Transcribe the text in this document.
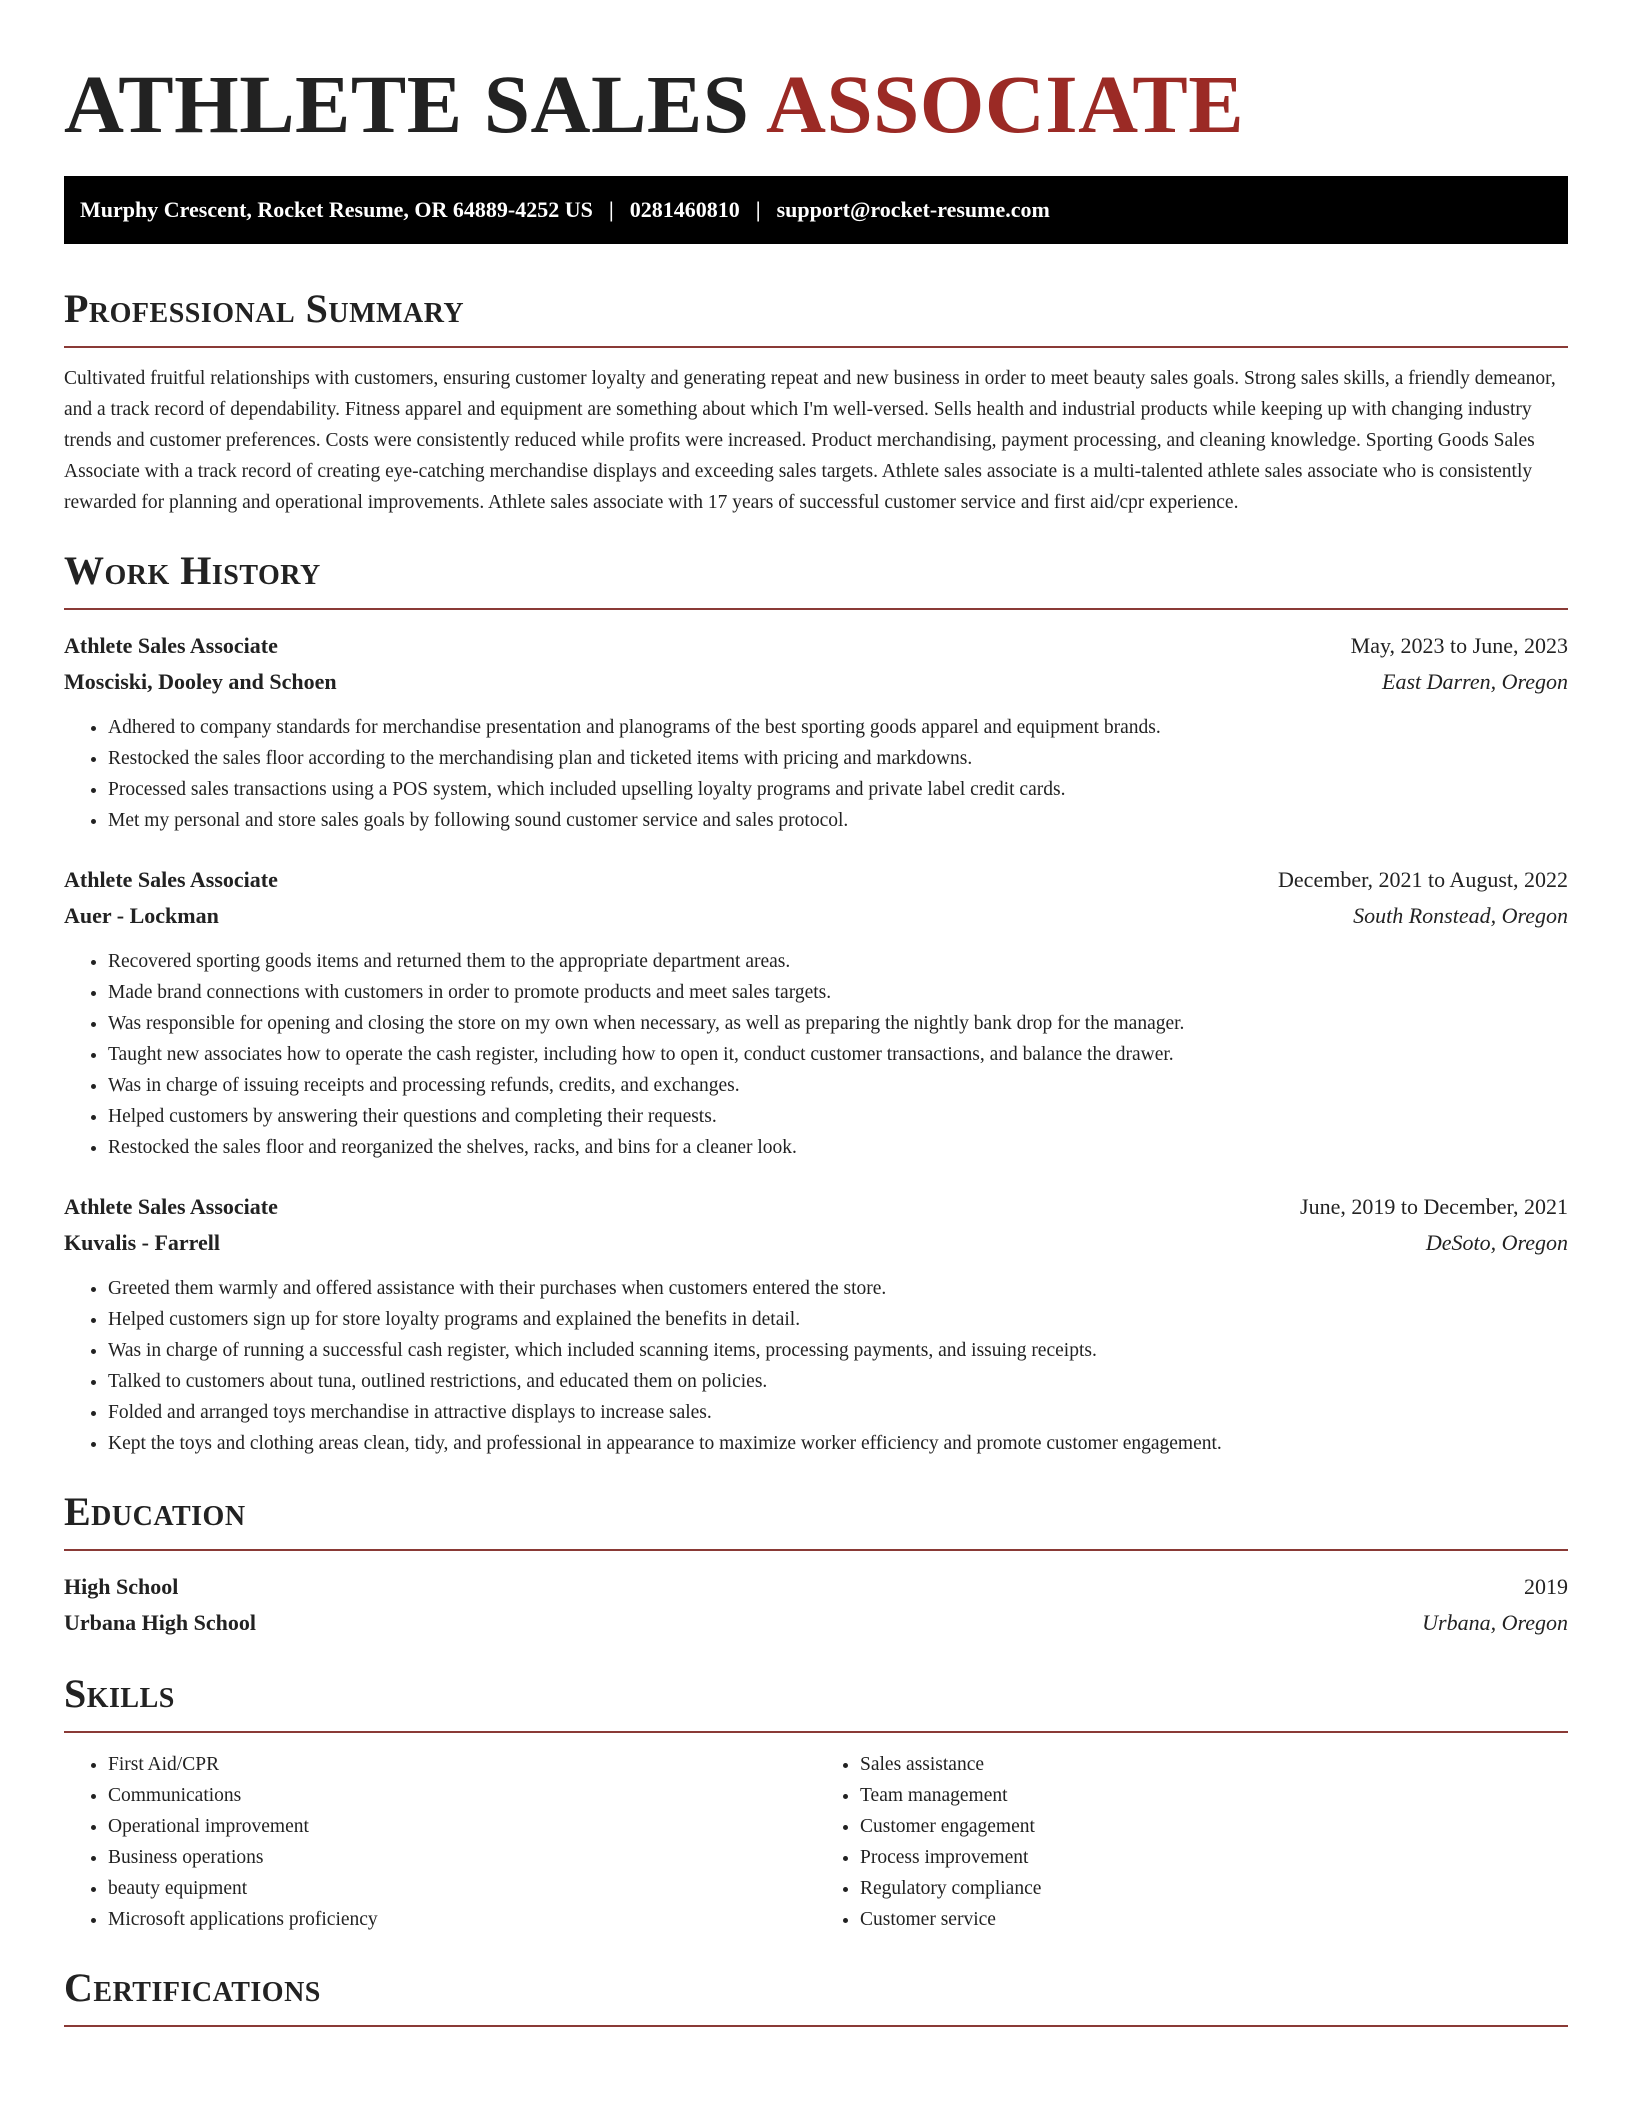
ATHLETE SALES ASSOCIATE
Murphy Crescent, Rocket Resume, OR 64889-4252 US | 0281460810 | support@rocket-resume.com
Professional Summary
Cultivated fruitful relationships with customers, ensuring customer loyalty and generating repeat and new business in order to meet beauty sales goals. Strong sales skills, a friendly demeanor, and a track record of dependability. Fitness apparel and equipment are something about which I'm well-versed. Sells health and industrial products while keeping up with changing industry trends and customer preferences. Costs were consistently reduced while profits were increased. Product merchandising, payment processing, and cleaning knowledge. Sporting Goods Sales Associate with a track record of creating eye-catching merchandise displays and exceeding sales targets. Athlete sales associate is a multi-talented athlete sales associate who is consistently rewarded for planning and operational improvements. Athlete sales associate with 17 years of successful customer service and first aid/cpr experience.
Work History
Athlete Sales Associate	May, 2023 to June, 2023
Mosciski, Dooley and Schoen	East Darren, Oregon
• Adhered to company standards for merchandise presentation and planograms of the best sporting goods apparel and equipment brands.
• Restocked the sales floor according to the merchandising plan and ticketed items with pricing and markdowns.
• Processed sales transactions using a POS system, which included upselling loyalty programs and private label credit cards.
• Met my personal and store sales goals by following sound customer service and sales protocol.
Athlete Sales Associate	December, 2021 to August, 2022
Auer - Lockman	South Ronstead, Oregon
• Recovered sporting goods items and returned them to the appropriate department areas.
• Made brand connections with customers in order to promote products and meet sales targets.
• Was responsible for opening and closing the store on my own when necessary, as well as preparing the nightly bank drop for the manager.
• Taught new associates how to operate the cash register, including how to open it, conduct customer transactions, and balance the drawer.
• Was in charge of issuing receipts and processing refunds, credits, and exchanges.
• Helped customers by answering their questions and completing their requests.
• Restocked the sales floor and reorganized the shelves, racks, and bins for a cleaner look.
Athlete Sales Associate	June, 2019 to December, 2021
Kuvalis - Farrell	DeSoto, Oregon
• Greeted them warmly and offered assistance with their purchases when customers entered the store.
• Helped customers sign up for store loyalty programs and explained the benefits in detail.
• Was in charge of running a successful cash register, which included scanning items, processing payments, and issuing receipts.
• Talked to customers about tuna, outlined restrictions, and educated them on policies.
• Folded and arranged toys merchandise in attractive displays to increase sales.
• Kept the toys and clothing areas clean, tidy, and professional in appearance to maximize worker efficiency and promote customer engagement.
Education
High School	2019
Urbana High School	Urbana, Oregon
Skills
• First Aid/CPR
• Communications
• Operational improvement
• Business operations
• beauty equipment
• Microsoft applications proficiency
• Sales assistance
• Team management
• Customer engagement
• Process improvement
• Regulatory compliance
• Customer service
Certifications
